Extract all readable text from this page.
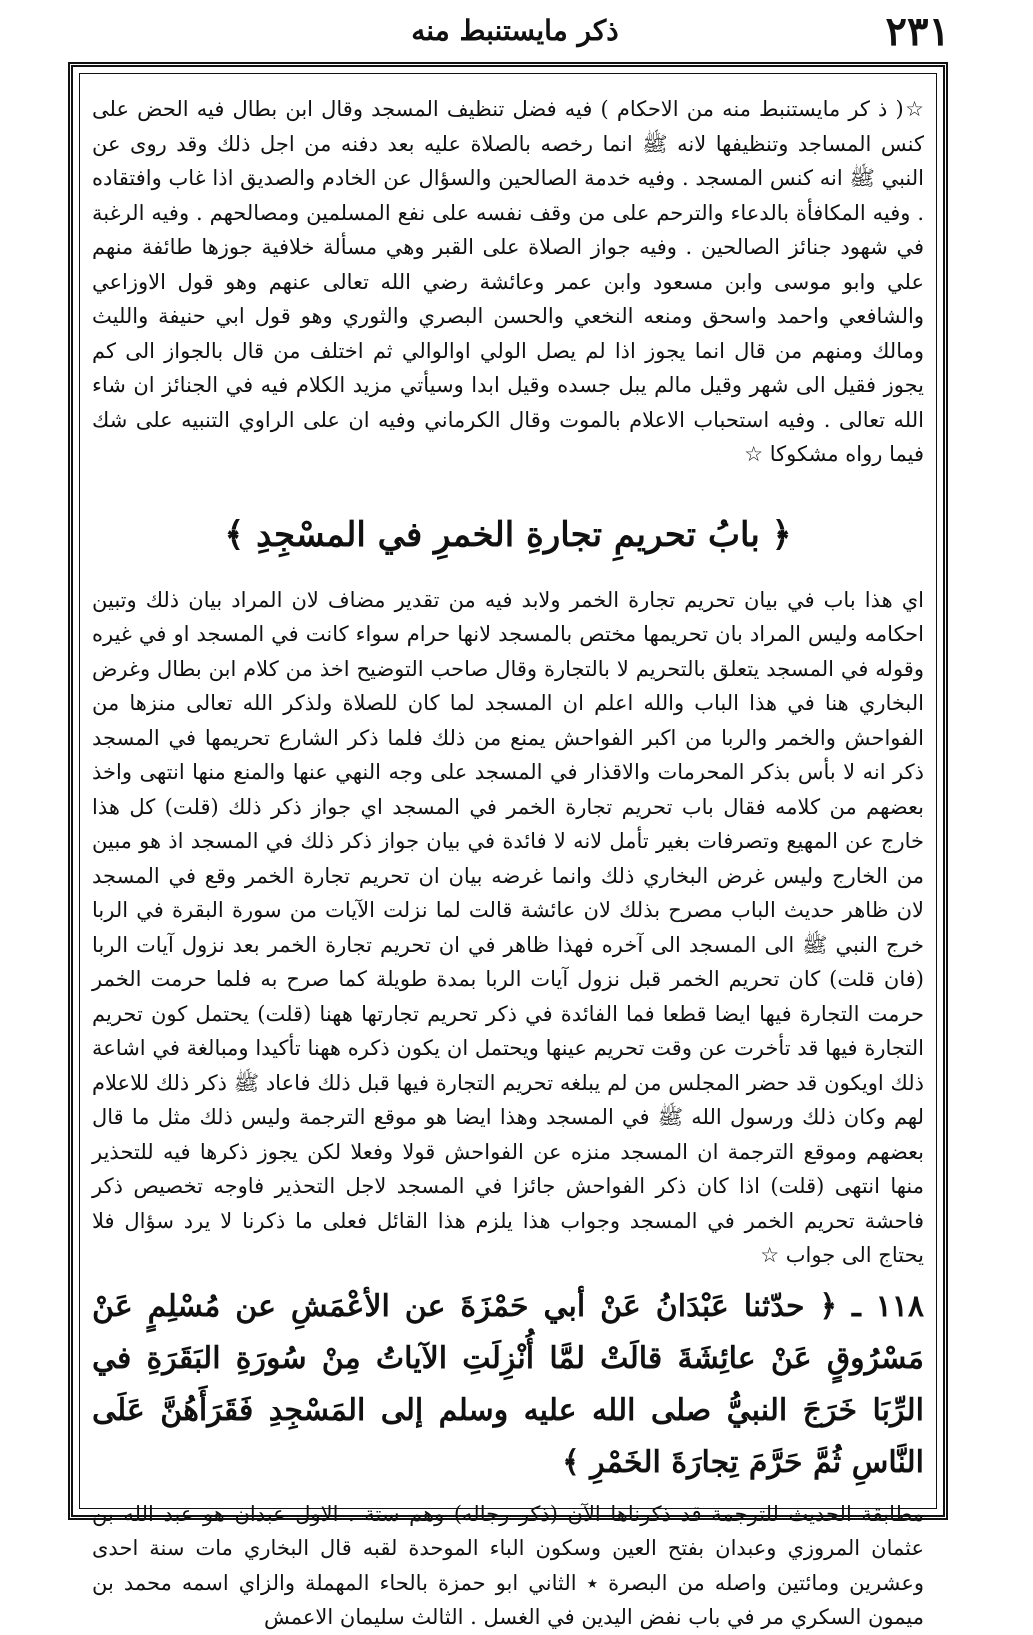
٢٣١
ذكر مايستنبط منه

☆( ذ كر مايستنبط منه من الاحكام ) فيه فضل تنظيف المسجد وقال ابن بطال فيه الحض على كنس المساجد وتنظيفها لانه ﷺ انما رخصه بالصلاة عليه بعد دفنه من اجل ذلك وقد روى عن النبي ﷺ انه كنس المسجد . وفيه خدمة الصالحين والسؤال عن الخادم والصديق اذا غاب وافتقاده . وفيه المكافأة بالدعاء والترحم على من وقف نفسه على نفع المسلمين ومصالحهم . وفيه الرغبة في شهود جنائز الصالحين . وفيه جواز الصلاة على القبر وهي مسألة خلافية جوزها طائفة منهم علي وابو موسى وابن مسعود وابن عمر وعائشة رضي الله تعالى عنهم وهو قول الاوزاعي والشافعي واحمد واسحق ومنعه النخعي والحسن البصري والثوري وهو قول ابي حنيفة والليث ومالك ومنهم من قال انما يجوز اذا لم يصل الولي اوالوالي ثم اختلف من قال بالجواز الى كم يجوز فقيل الى شهر وقيل مالم يبل جسده وقيل ابدا وسيأتي مزيد الكلام فيه في الجنائز ان شاء الله تعالى . وفيه استحباب الاعلام بالموت وقال الكرماني وفيه ان على الراوي التنبيه على شك فيما رواه مشكوكا ☆

﴿ بابُ تحريمِ تجارةِ الخمرِ في المسْجِدِ ﴾

اي هذا باب في بيان تحريم تجارة الخمر ولابد فيه من تقدير مضاف لان المراد بيان ذلك وتبين احكامه وليس المراد بان تحريمها مختص بالمسجد لانها حرام سواء كانت في المسجد او في غيره وقوله في المسجد يتعلق بالتحريم لا بالتجارة وقال صاحب التوضيح اخذ من كلام ابن بطال وغرض البخاري هنا في هذا الباب والله اعلم ان المسجد لما كان للصلاة ولذكر الله تعالى منزها من الفواحش والخمر والربا من اكبر الفواحش يمنع من ذلك فلما ذكر الشارع تحريمها في المسجد ذكر انه لا بأس بذكر المحرمات والاقذار في المسجد على وجه النهي عنها والمنع منها انتهى واخذ بعضهم من كلامه فقال باب تحريم تجارة الخمر في المسجد اي جواز ذكر ذلك (قلت) كل هذا خارج عن المهيع وتصرفات بغير تأمل لانه لا فائدة في بيان جواز ذكر ذلك في المسجد اذ هو مبين من الخارج وليس غرض البخاري ذلك وانما غرضه بيان ان تحريم تجارة الخمر وقع في المسجد لان ظاهر حديث الباب مصرح بذلك لان عائشة قالت لما نزلت الآيات من سورة البقرة في الربا خرج النبي ﷺ الى المسجد الى آخره فهذا ظاهر في ان تحريم تجارة الخمر بعد نزول آيات الربا (فان قلت) كان تحريم الخمر قبل نزول آيات الربا بمدة طويلة كما صرح به فلما حرمت الخمر حرمت التجارة فيها ايضا قطعا فما الفائدة في ذكر تحريم تجارتها ههنا (قلت) يحتمل كون تحريم التجارة فيها قد تأخرت عن وقت تحريم عينها ويحتمل ان يكون ذكره ههنا تأكيدا ومبالغة في اشاعة ذلك اويكون قد حضر المجلس من لم يبلغه تحريم التجارة فيها قبل ذلك فاعاد ﷺ ذكر ذلك للاعلام لهم وكان ذلك ورسول الله ﷺ في المسجد وهذا ايضا هو موقع الترجمة وليس ذلك مثل ما قال بعضهم وموقع الترجمة ان المسجد منزه عن الفواحش قولا وفعلا لكن يجوز ذكرها فيه للتحذير منها انتهى (قلت) اذا كان ذكر الفواحش جائزا في المسجد لاجل التحذير فاوجه تخصيص ذكر فاحشة تحريم الخمر في المسجد وجواب هذا يلزم هذا القائل فعلى ما ذكرنا لا يرد سؤال فلا يحتاج الى جواب ☆

١١٨ ـ ﴿ حدّثنا عَبْدَانُ عَنْ أبي حَمْزَةَ عن الأعْمَشِ عن مُسْلِمٍ عَنْ مَسْرُوقٍ عَنْ عائِشَةَ قالَتْ لمَّا أُنْزِلَتِ الآياتُ مِنْ سُورَةِ البَقَرَةِ في الرِّبَا خَرَجَ النبيُّ صلى الله عليه وسلم إلى المَسْجِدِ فَقَرَأَهُنَّ عَلَى النَّاسِ ثُمَّ حَرَّمَ تِجارَةَ الخَمْرِ ﴾

مطابقة الحديث للترجمة قد ذكرناها الآن (ذكر رجاله) وهم ستة . الاول عبدان هو عبد الله بن عثمان المروزي وعبدان بفتح العين وسكون الباء الموحدة لقبه قال البخاري مات سنة احدى وعشرين ومائتين واصله من البصرة ٭ الثاني ابو حمزة بالحاء المهملة والزاي اسمه محمد بن ميمون السكري مر في باب نفض اليدين في الغسل . الثالث سليمان الاعمش
